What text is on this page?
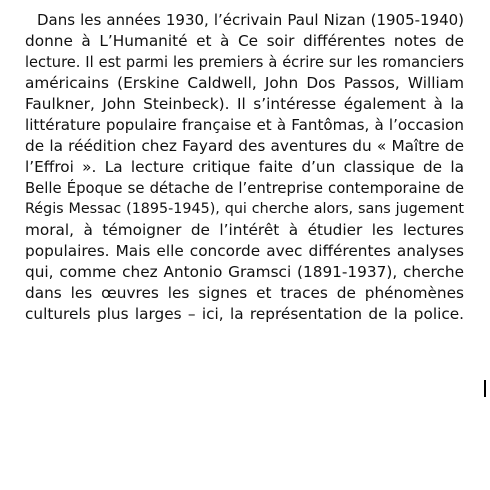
Dans les années 1930, l’écrivain Paul Nizan (1905-1940)
donne à L’Humanité et à Ce soir différentes notes de
lecture. Il est parmi les premiers à écrire sur les romanciers
américains (Erskine Caldwell, John Dos Passos, William
Faulkner, John Steinbeck). Il s’intéresse également à la
littérature populaire française et à Fantômas, à l’occasion
de la réédition chez Fayard des aventures du « Maître de
l’Effroi ». La lecture critique faite d’un classique de la
Belle Époque se détache de l’entreprise contemporaine de
Régis Messac (1895-1945), qui cherche alors, sans jugement
moral, à témoigner de l’intérêt à étudier les lectures
populaires. Mais elle concorde avec différentes analyses
qui, comme chez Antonio Gramsci (1891-1937), cherche
dans les œuvres les signes et traces de phénomènes
culturels plus larges – ici, la représentation de la police.
